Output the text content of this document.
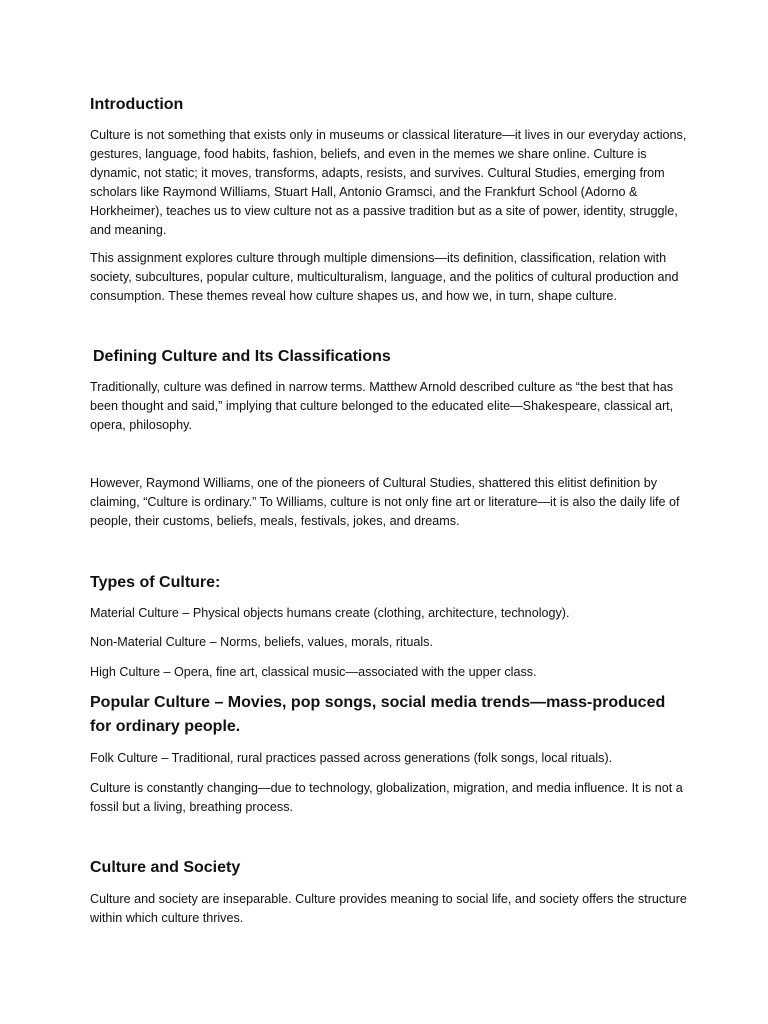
Introduction

Culture is not something that exists only in museums or classical literature—it lives in our everyday actions, gestures, language, food habits, fashion, beliefs, and even in the memes we share online. Culture is dynamic, not static; it moves, transforms, adapts, resists, and survives. Cultural Studies, emerging from scholars like Raymond Williams, Stuart Hall, Antonio Gramsci, and the Frankfurt School (Adorno & Horkheimer), teaches us to view culture not as a passive tradition but as a site of power, identity, struggle, and meaning.

This assignment explores culture through multiple dimensions—its definition, classification, relation with society, subcultures, popular culture, multiculturalism, language, and the politics of cultural production and consumption. These themes reveal how culture shapes us, and how we, in turn, shape culture.

Defining Culture and Its Classifications

Traditionally, culture was defined in narrow terms. Matthew Arnold described culture as “the best that has been thought and said,” implying that culture belonged to the educated elite—Shakespeare, classical art, opera, philosophy.

However, Raymond Williams, one of the pioneers of Cultural Studies, shattered this elitist definition by claiming, “Culture is ordinary.” To Williams, culture is not only fine art or literature—it is also the daily life of people, their customs, beliefs, meals, festivals, jokes, and dreams.

Types of Culture:

Material Culture – Physical objects humans create (clothing, architecture, technology).

Non-Material Culture – Norms, beliefs, values, morals, rituals.

High Culture – Opera, fine art, classical music—associated with the upper class.

Popular Culture – Movies, pop songs, social media trends—mass-produced for ordinary people.

Folk Culture – Traditional, rural practices passed across generations (folk songs, local rituals).

Culture is constantly changing—due to technology, globalization, migration, and media influence. It is not a fossil but a living, breathing process.

Culture and Society

Culture and society are inseparable. Culture provides meaning to social life, and society offers the structure within which culture thrives.
